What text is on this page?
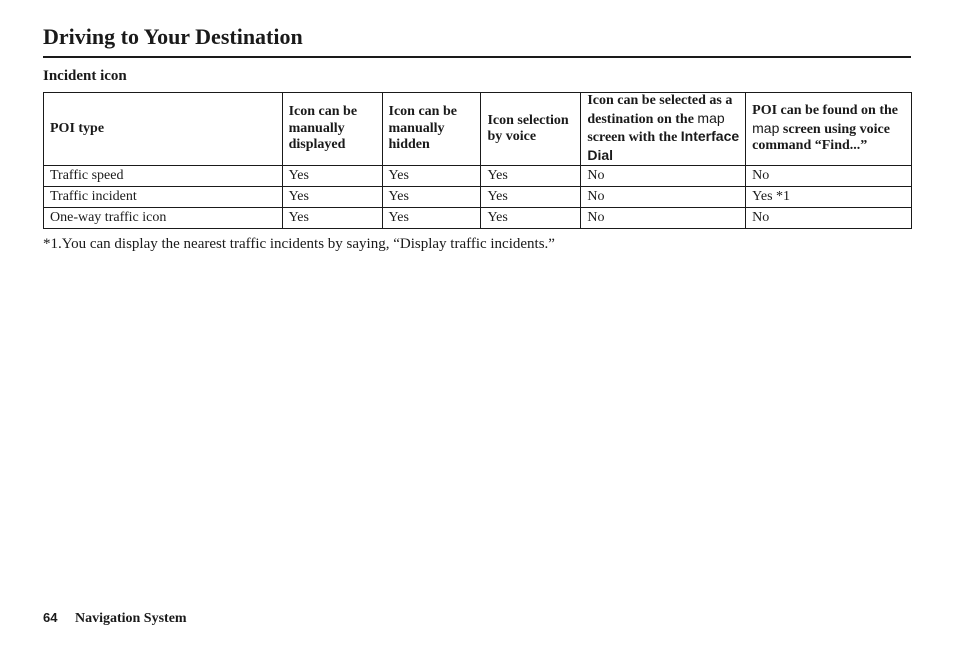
Driving to Your Destination
Incident icon
POI type	Icon can be manually displayed	Icon can be manually hidden	Icon selection by voice	Icon can be selected as a destination on the map screen with the Interface Dial	POI can be found on the map screen using voice command “Find...”
Traffic speed	Yes	Yes	Yes	No	No
Traffic incident	Yes	Yes	Yes	No	Yes *1
One-way traffic icon	Yes	Yes	Yes	No	No
*1.You can display the nearest traffic incidents by saying, “Display traffic incidents.”
64 Navigation System
